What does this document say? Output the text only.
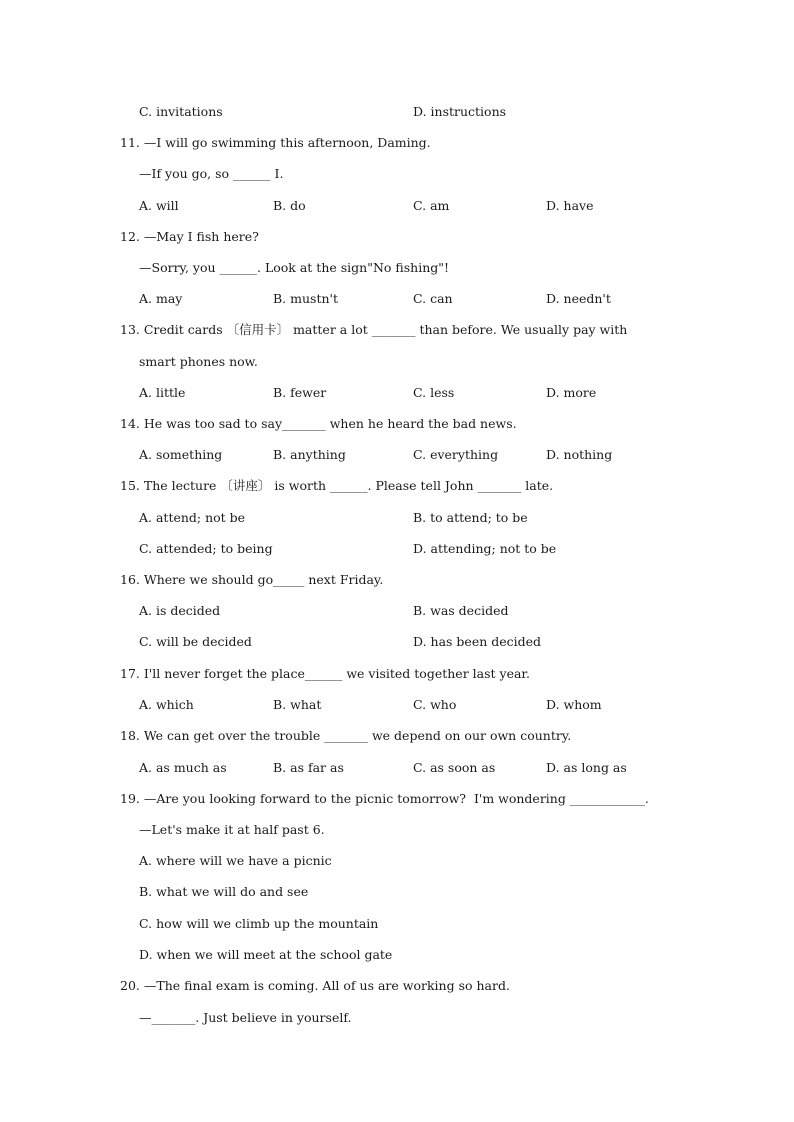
C. invitations	D. instructions
11. —I will go swimming this afternoon, Daming.
—If you go, so ______ I.
A. will	B. do	C. am	D. have
12. —May I fish here?
—Sorry, you ______. Look at the sign"No fishing"!
A. may	B. mustn't	C. can	D. needn't
13. Credit cards 〔信用卡〕 matter a lot _______ than before. We usually pay with
smart phones now.
A. little	B. fewer	C. less	D. more
14. He was too sad to say_______ when he heard the bad news.
A. something	B. anything	C. everything	D. nothing
15. The lecture 〔讲座〕 is worth ______. Please tell John _______ late.
A. attend; not be	B. to attend; to be
C. attended; to being	D. attending; not to be
16. Where we should go_____ next Friday.
A. is decided	B. was decided
C. will be decided	D. has been decided
17. I'll never forget the place______ we visited together last year.
A. which	B. what	C. who	D. whom
18. We can get over the trouble _______ we depend on our own country.
A. as much as	B. as far as	C. as soon as	D. as long as
19. —Are you looking forward to the picnic tomorrow?  I'm wondering ____________.
—Let's make it at half past 6.
A. where will we have a picnic
B. what we will do and see
C. how will we climb up the mountain
D. when we will meet at the school gate
20. —The final exam is coming. All of us are working so hard.
—_______. Just believe in yourself.
